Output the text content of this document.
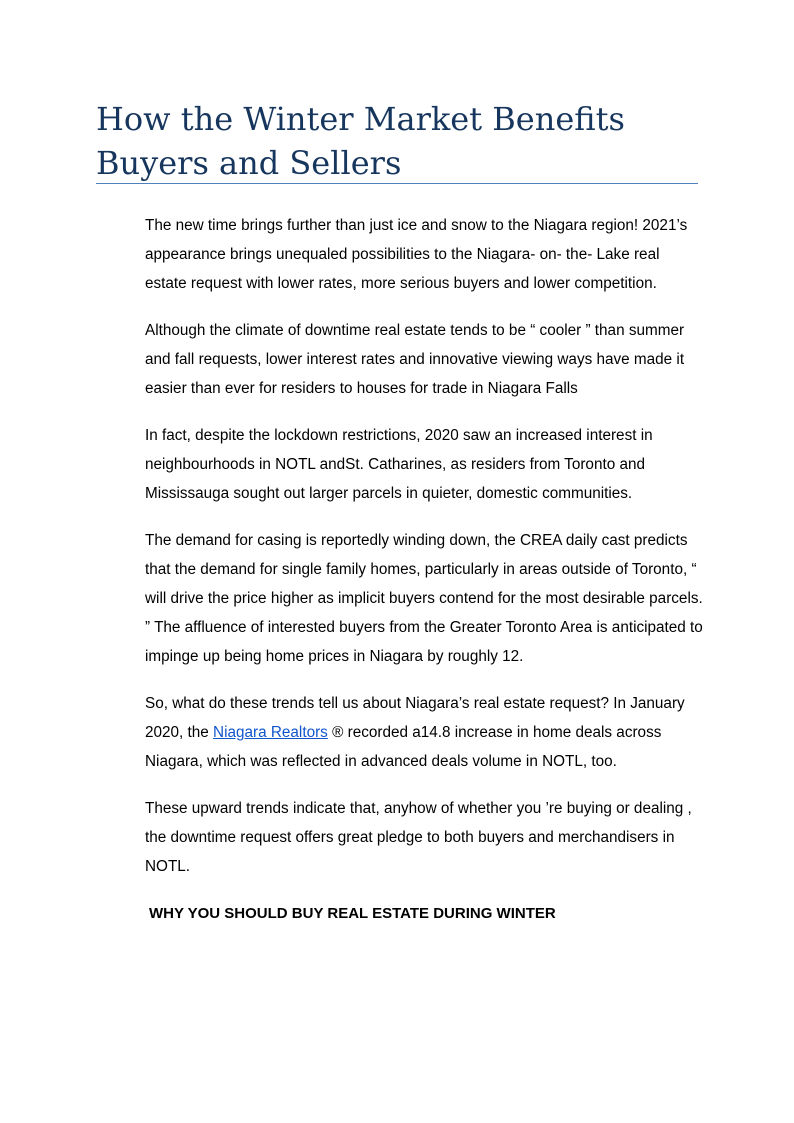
How the Winter Market Benefits Buyers and Sellers

The new time brings further than just ice and snow to the Niagara region! 2021’s appearance brings unequaled possibilities to the Niagara- on- the- Lake real estate request with lower rates, more serious buyers and lower competition.

Although the climate of downtime real estate tends to be “ cooler ” than summer and fall requests, lower interest rates and innovative viewing ways have made it easier than ever for residers to houses for trade in Niagara Falls

In fact, despite the lockdown restrictions, 2020 saw an increased interest in neighbourhoods in NOTL andSt. Catharines, as residers from Toronto and Mississauga sought out larger parcels in quieter, domestic communities.

The demand for casing is reportedly winding down, the CREA daily cast predicts that the demand for single family homes, particularly in areas outside of Toronto, “ will drive the price higher as implicit buyers contend for the most desirable parcels. ” The affluence of interested buyers from the Greater Toronto Area is anticipated to impinge up being home prices in Niagara by roughly 12.

So, what do these trends tell us about Niagara’s real estate request? In January 2020, the Niagara Realtors ® recorded a14.8 increase in home deals across Niagara, which was reflected in advanced deals volume in NOTL, too.

These upward trends indicate that, anyhow of whether you ’re buying or dealing , the downtime request offers great pledge to both buyers and merchandisers in NOTL.

WHY YOU SHOULD BUY REAL ESTATE DURING WINTER
